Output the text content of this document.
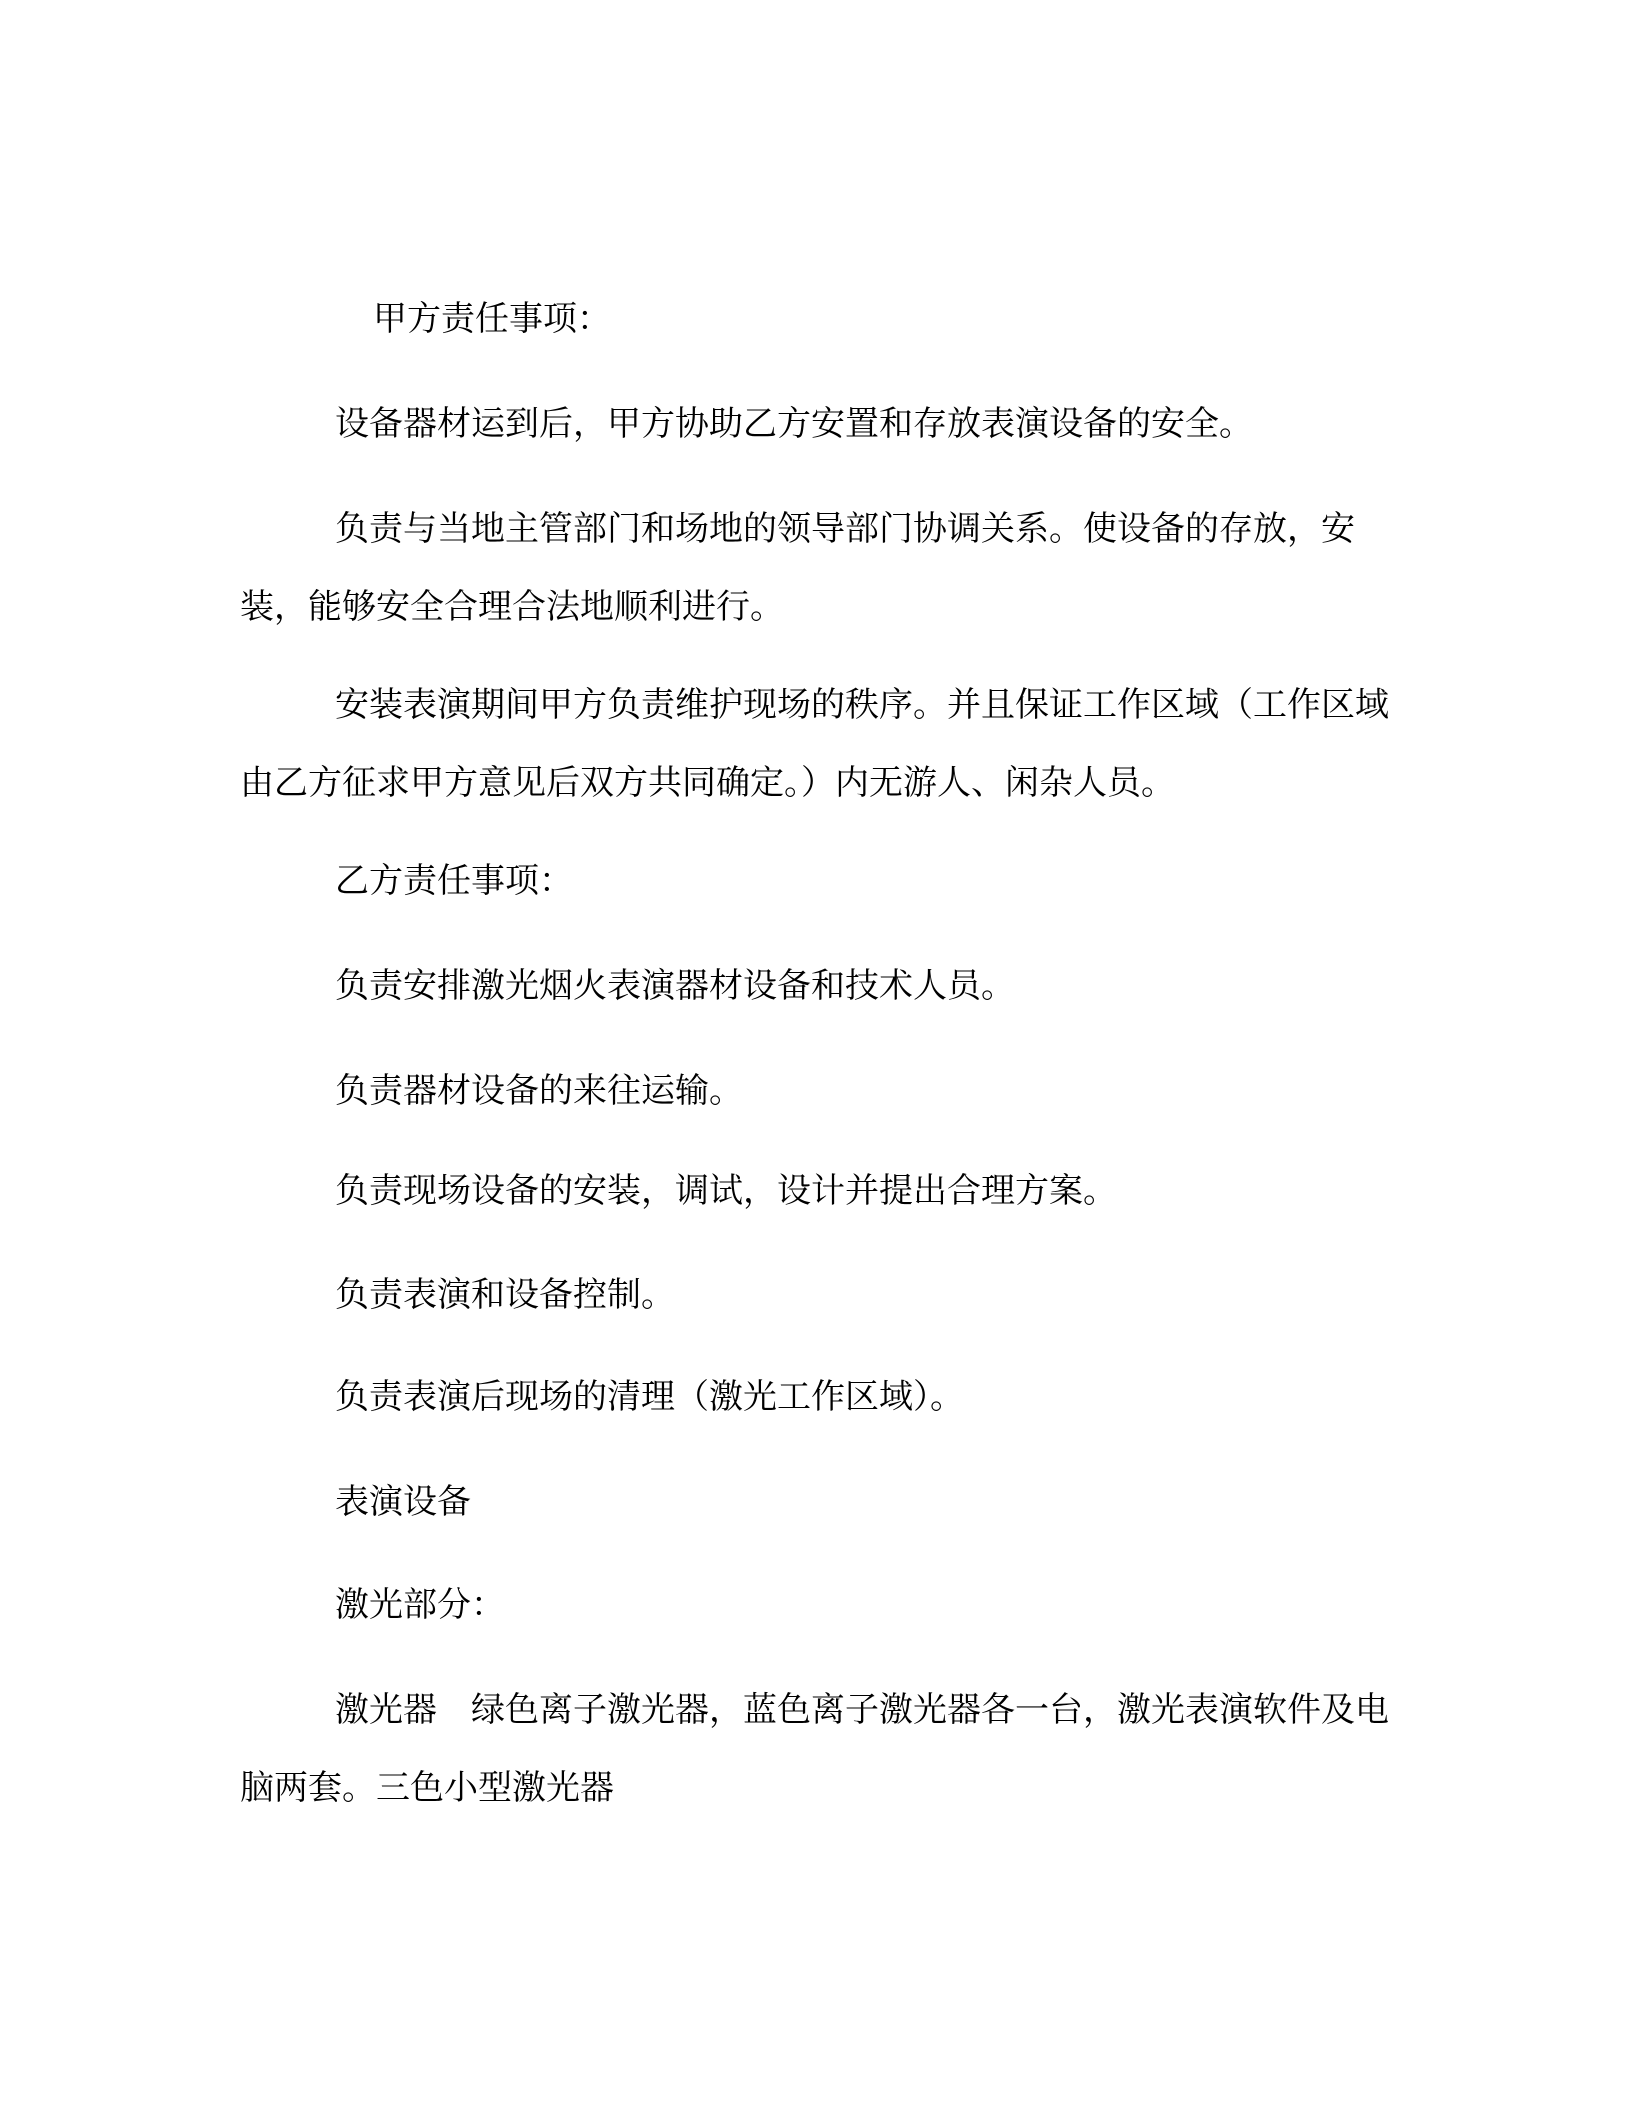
甲方责任事项：

设备器材运到后，甲方协助乙方安置和存放表演设备的安全。

负责与当地主管部门和场地的领导部门协调关系。使设备的存放，安装，能够安全合理合法地顺利进行。

安装表演期间甲方负责维护现场的秩序。并且保证工作区域（工作区域由乙方征求甲方意见后双方共同确定。）内无游人、闲杂人员。

乙方责任事项：

负责安排激光烟火表演器材设备和技术人员。

负责器材设备的来往运输。

负责现场设备的安装，调试，设计并提出合理方案。

负责表演和设备控制。

负责表演后现场的清理（激光工作区域）。

表演设备

激光部分：

激光器　绿色离子激光器，蓝色离子激光器各一台，激光表演软件及电脑两套。三色小型激光器
